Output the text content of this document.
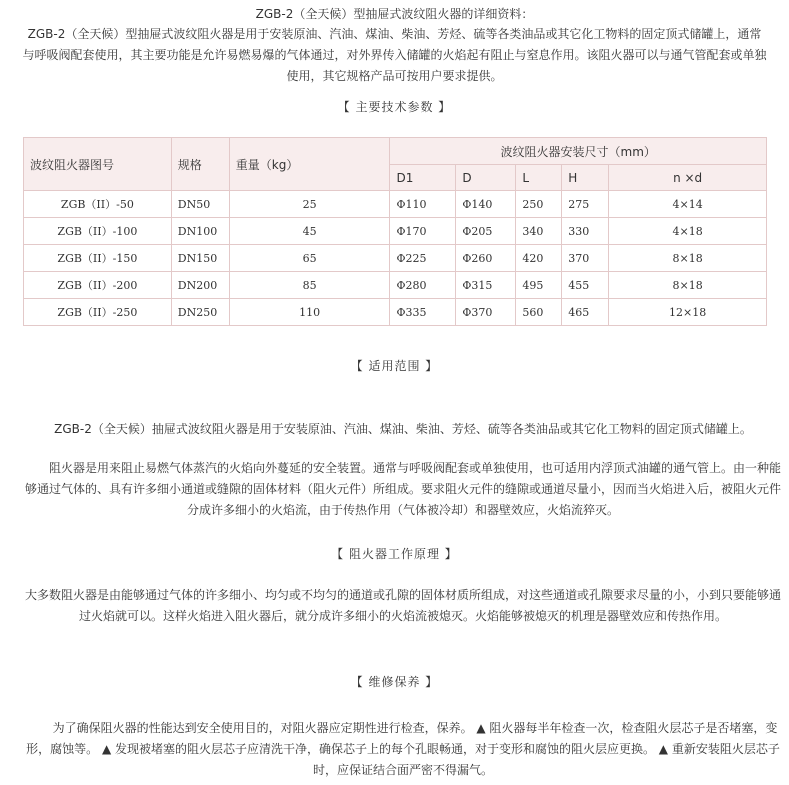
ZGB-2（全天候）型抽屉式波纹阻火器的详细资料：
ZGB-2（全天候）型抽屉式波纹阻火器是用于安装原油、汽油、煤油、柴油、芳烃、硫等各类油品或其它化工物料的固定顶式储罐上，通常与呼吸阀配套使用，其主要功能是允许易燃易爆的气体通过，对外界传入储罐的火焰起有阻止与窒息作用。该阻火器可以与通气管配套或单独使用，其它规格产品可按用户要求提供。
【 主要技术参数 】
波纹阻火器图号	规格	重量（kg）	波纹阻火器安装尺寸（mm）				
			D1	D	L	H	n ×d
ZGB（II）-50	DN50	25	Φ110	Φ140	250	275	4×14
ZGB（II）-100	DN100	45	Φ170	Φ205	340	330	4×18
ZGB（II）-150	DN150	65	Φ225	Φ260	420	370	8×18
ZGB（II）-200	DN200	85	Φ280	Φ315	495	455	8×18
ZGB（II）-250	DN250	110	Φ335	Φ370	560	465	12×18
【 适用范围 】
ZGB-2（全天候）抽屉式波纹阻火器是用于安装原油、汽油、煤油、柴油、芳烃、硫等各类油品或其它化工物料的固定顶式储罐上。
阻火器是用来阻止易燃气体蒸汽的火焰向外蔓延的安全装置。通常与呼吸阀配套或单独使用，也可适用内浮顶式油罐的通气管上。由一种能够通过气体的、具有许多细小通道或缝隙的固体材料（阻火元件）所组成。要求阻火元件的缝隙或通道尽量小，因而当火焰进入后，被阻火元件分成许多细小的火焰流，由于传热作用（气体被冷却）和器壁效应，火焰流猝灭。
【 阻火器工作原理 】
大多数阻火器是由能够通过气体的许多细小、均匀或不均匀的通道或孔隙的固体材质所组成，对这些通道或孔隙要求尽量的小，小到只要能够通过火焰就可以。这样火焰进入阻火器后，就分成许多细小的火焰流被熄灭。火焰能够被熄灭的机理是器壁效应和传热作用。
【 维修保养 】
为了确保阻火器的性能达到安全使用目的，对阻火器应定期性进行检查，保养。 ▲ 阻火器每半年检查一次，检查阻火层芯子是否堵塞，变形，腐蚀等。 ▲ 发现被堵塞的阻火层芯子应清洗干净，确保芯子上的每个孔眼畅通，对于变形和腐蚀的阻火层应更换。 ▲ 重新安装阻火层芯子时，应保证结合面严密不得漏气。
